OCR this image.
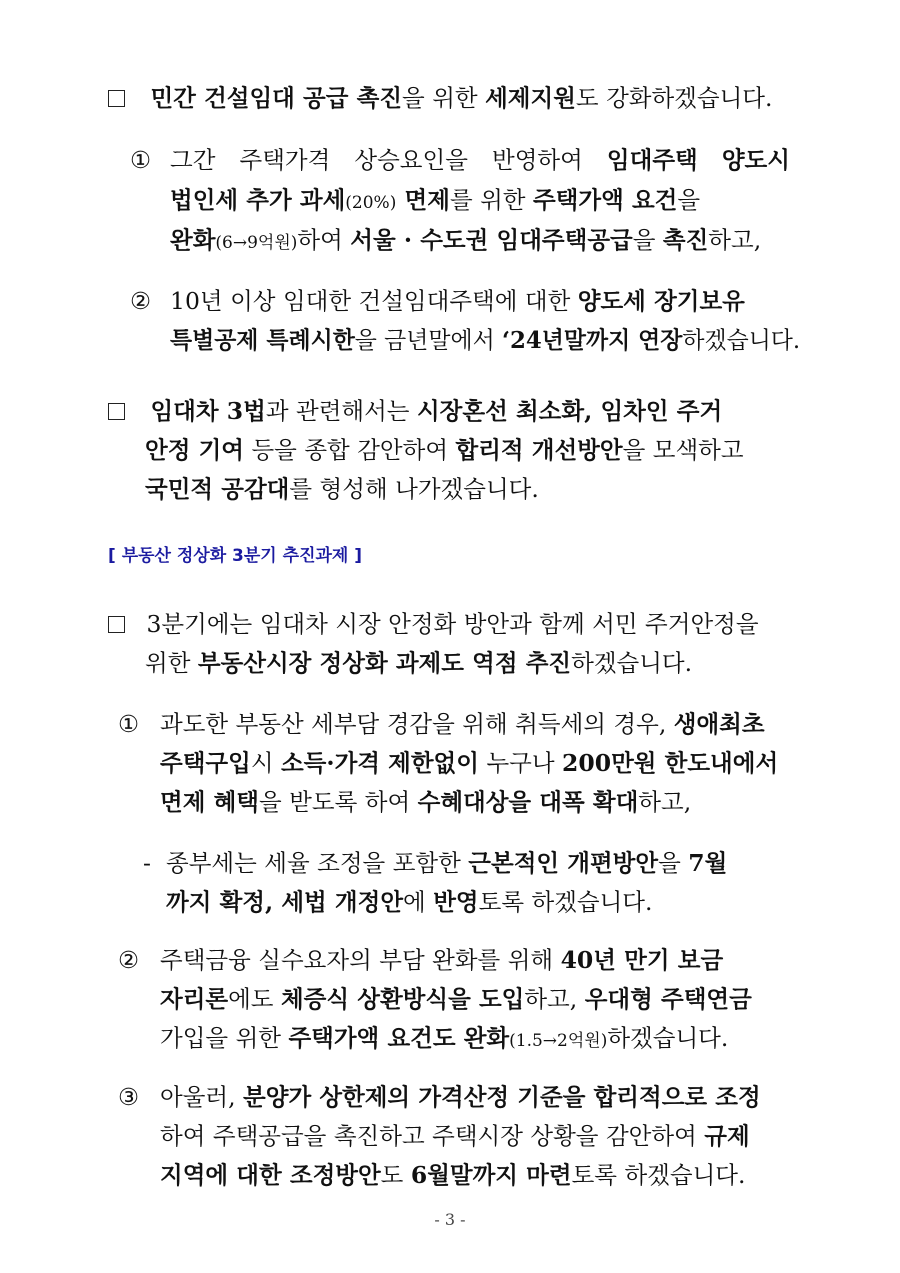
민간 건설임대 공급 촉진을 위한 세제지원도 강화하겠습니다.
① 그간 주택가격 상승요인을 반영하여 임대주택 양도시
법인세 추가 과세(20%) 면제를 위한 주택가액 요건을
완화(6→9억원)하여 서울 · 수도권 임대주택공급을 촉진하고,
② 10년 이상 임대한 건설임대주택에 대한 양도세 장기보유
특별공제 특례시한을 금년말에서 ‘24년말까지 연장하겠습니다.
임대차 3법과 관련해서는 시장혼선 최소화, 임차인 주거
안정 기여 등을 종합 감안하여 합리적 개선방안을 모색하고
국민적 공감대를 형성해 나가겠습니다.
[ 부동산 정상화 3분기 추진과제 ]
3분기에는 임대차 시장 안정화 방안과 함께 서민 주거안정을
위한 부동산시장 정상화 과제도 역점 추진하겠습니다.
① 과도한 부동산 세부담 경감을 위해 취득세의 경우, 생애최초
주택구입시 소득·가격 제한없이 누구나 200만원 한도내에서
면제 혜택을 받도록 하여 수혜대상을 대폭 확대하고,
- 종부세는 세율 조정을 포함한 근본적인 개편방안을 7월
까지 확정, 세법 개정안에 반영토록 하겠습니다.
② 주택금융 실수요자의 부담 완화를 위해 40년 만기 보금
자리론에도 체증식 상환방식을 도입하고, 우대형 주택연금
가입을 위한 주택가액 요건도 완화(1.5→2억원)하겠습니다.
③ 아울러, 분양가 상한제의 가격산정 기준을 합리적으로 조정
하여 주택공급을 촉진하고 주택시장 상황을 감안하여 규제
지역에 대한 조정방안도 6월말까지 마련토록 하겠습니다.
- 3 -
